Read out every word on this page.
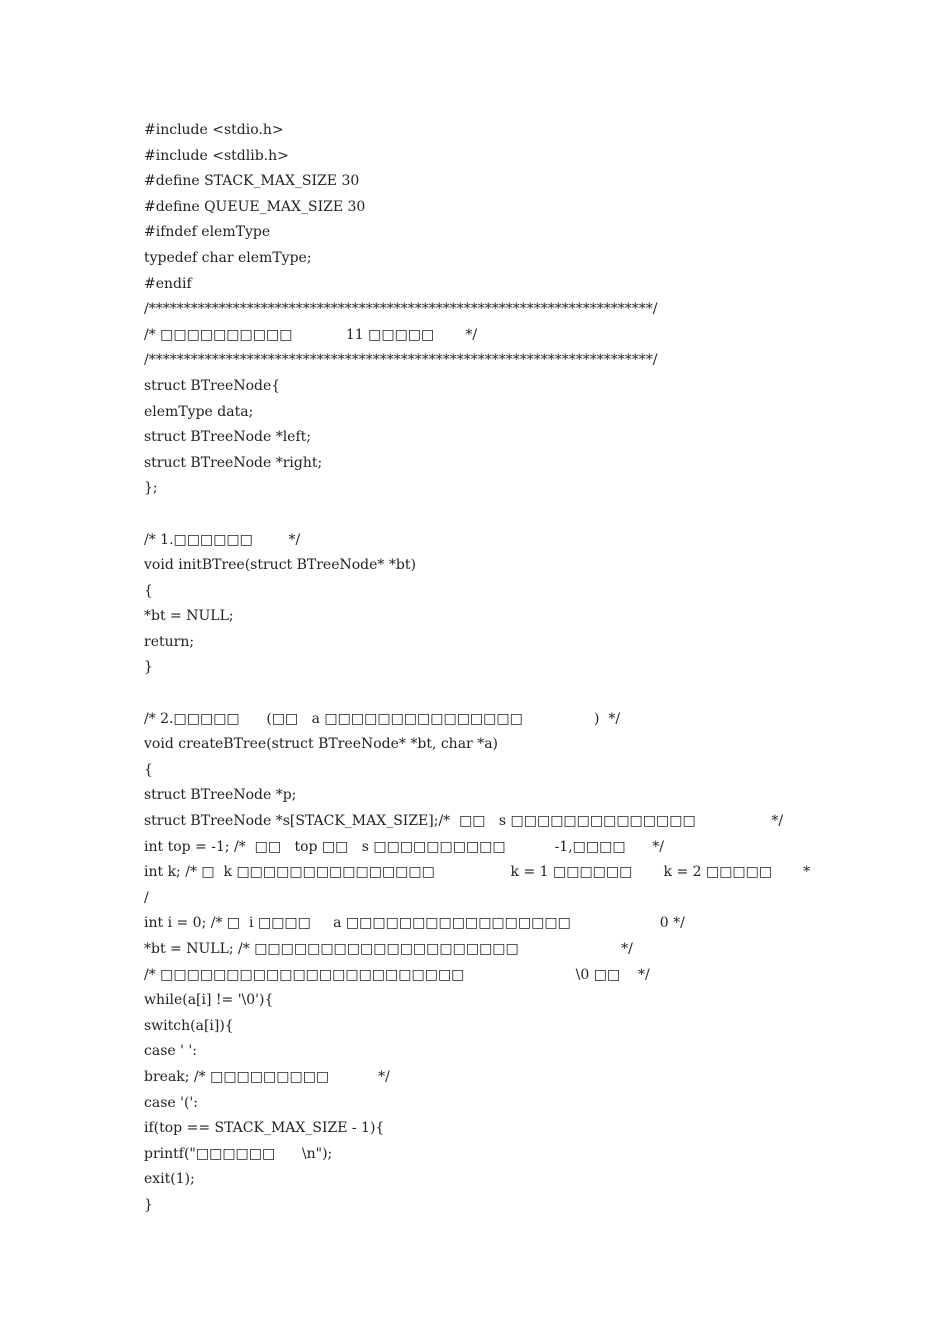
#include <stdio.h>
#include <stdlib.h>
#define STACK_MAX_SIZE 30
#define QUEUE_MAX_SIZE 30
#ifndef elemType
typedef char elemType;
#endif
/************************************************************************/
/* □□□□□□□□□□            11 □□□□□       */
/************************************************************************/
struct BTreeNode{
elemType data;
struct BTreeNode *left;
struct BTreeNode *right;
};
/* 1.□□□□□□        */
void initBTree(struct BTreeNode* *bt)
{
*bt = NULL;
return;
}
/* 2.□□□□□      (□□   a □□□□□□□□□□□□□□□                )  */
void createBTree(struct BTreeNode* *bt, char *a)
{
struct BTreeNode *p;
struct BTreeNode *s[STACK_MAX_SIZE];/*  □□   s □□□□□□□□□□□□□□                 */
int top = -1; /*  □□   top □□   s □□□□□□□□□□           -1,□□□□      */
int k; /* □  k □□□□□□□□□□□□□□□                 k = 1 □□□□□□       k = 2 □□□□□       *
/
int i = 0; /* □  i □□□□     a □□□□□□□□□□□□□□□□□                    0 */
*bt = NULL; /* □□□□□□□□□□□□□□□□□□□□                       */
/* □□□□□□□□□□□□□□□□□□□□□□□                         \0 □□    */
while(a[i] != '\0'){
switch(a[i]){
case ' ':
break; /* □□□□□□□□□           */
case '(':
if(top == STACK_MAX_SIZE - 1){
printf("□□□□□□      \n");
exit(1);
}
